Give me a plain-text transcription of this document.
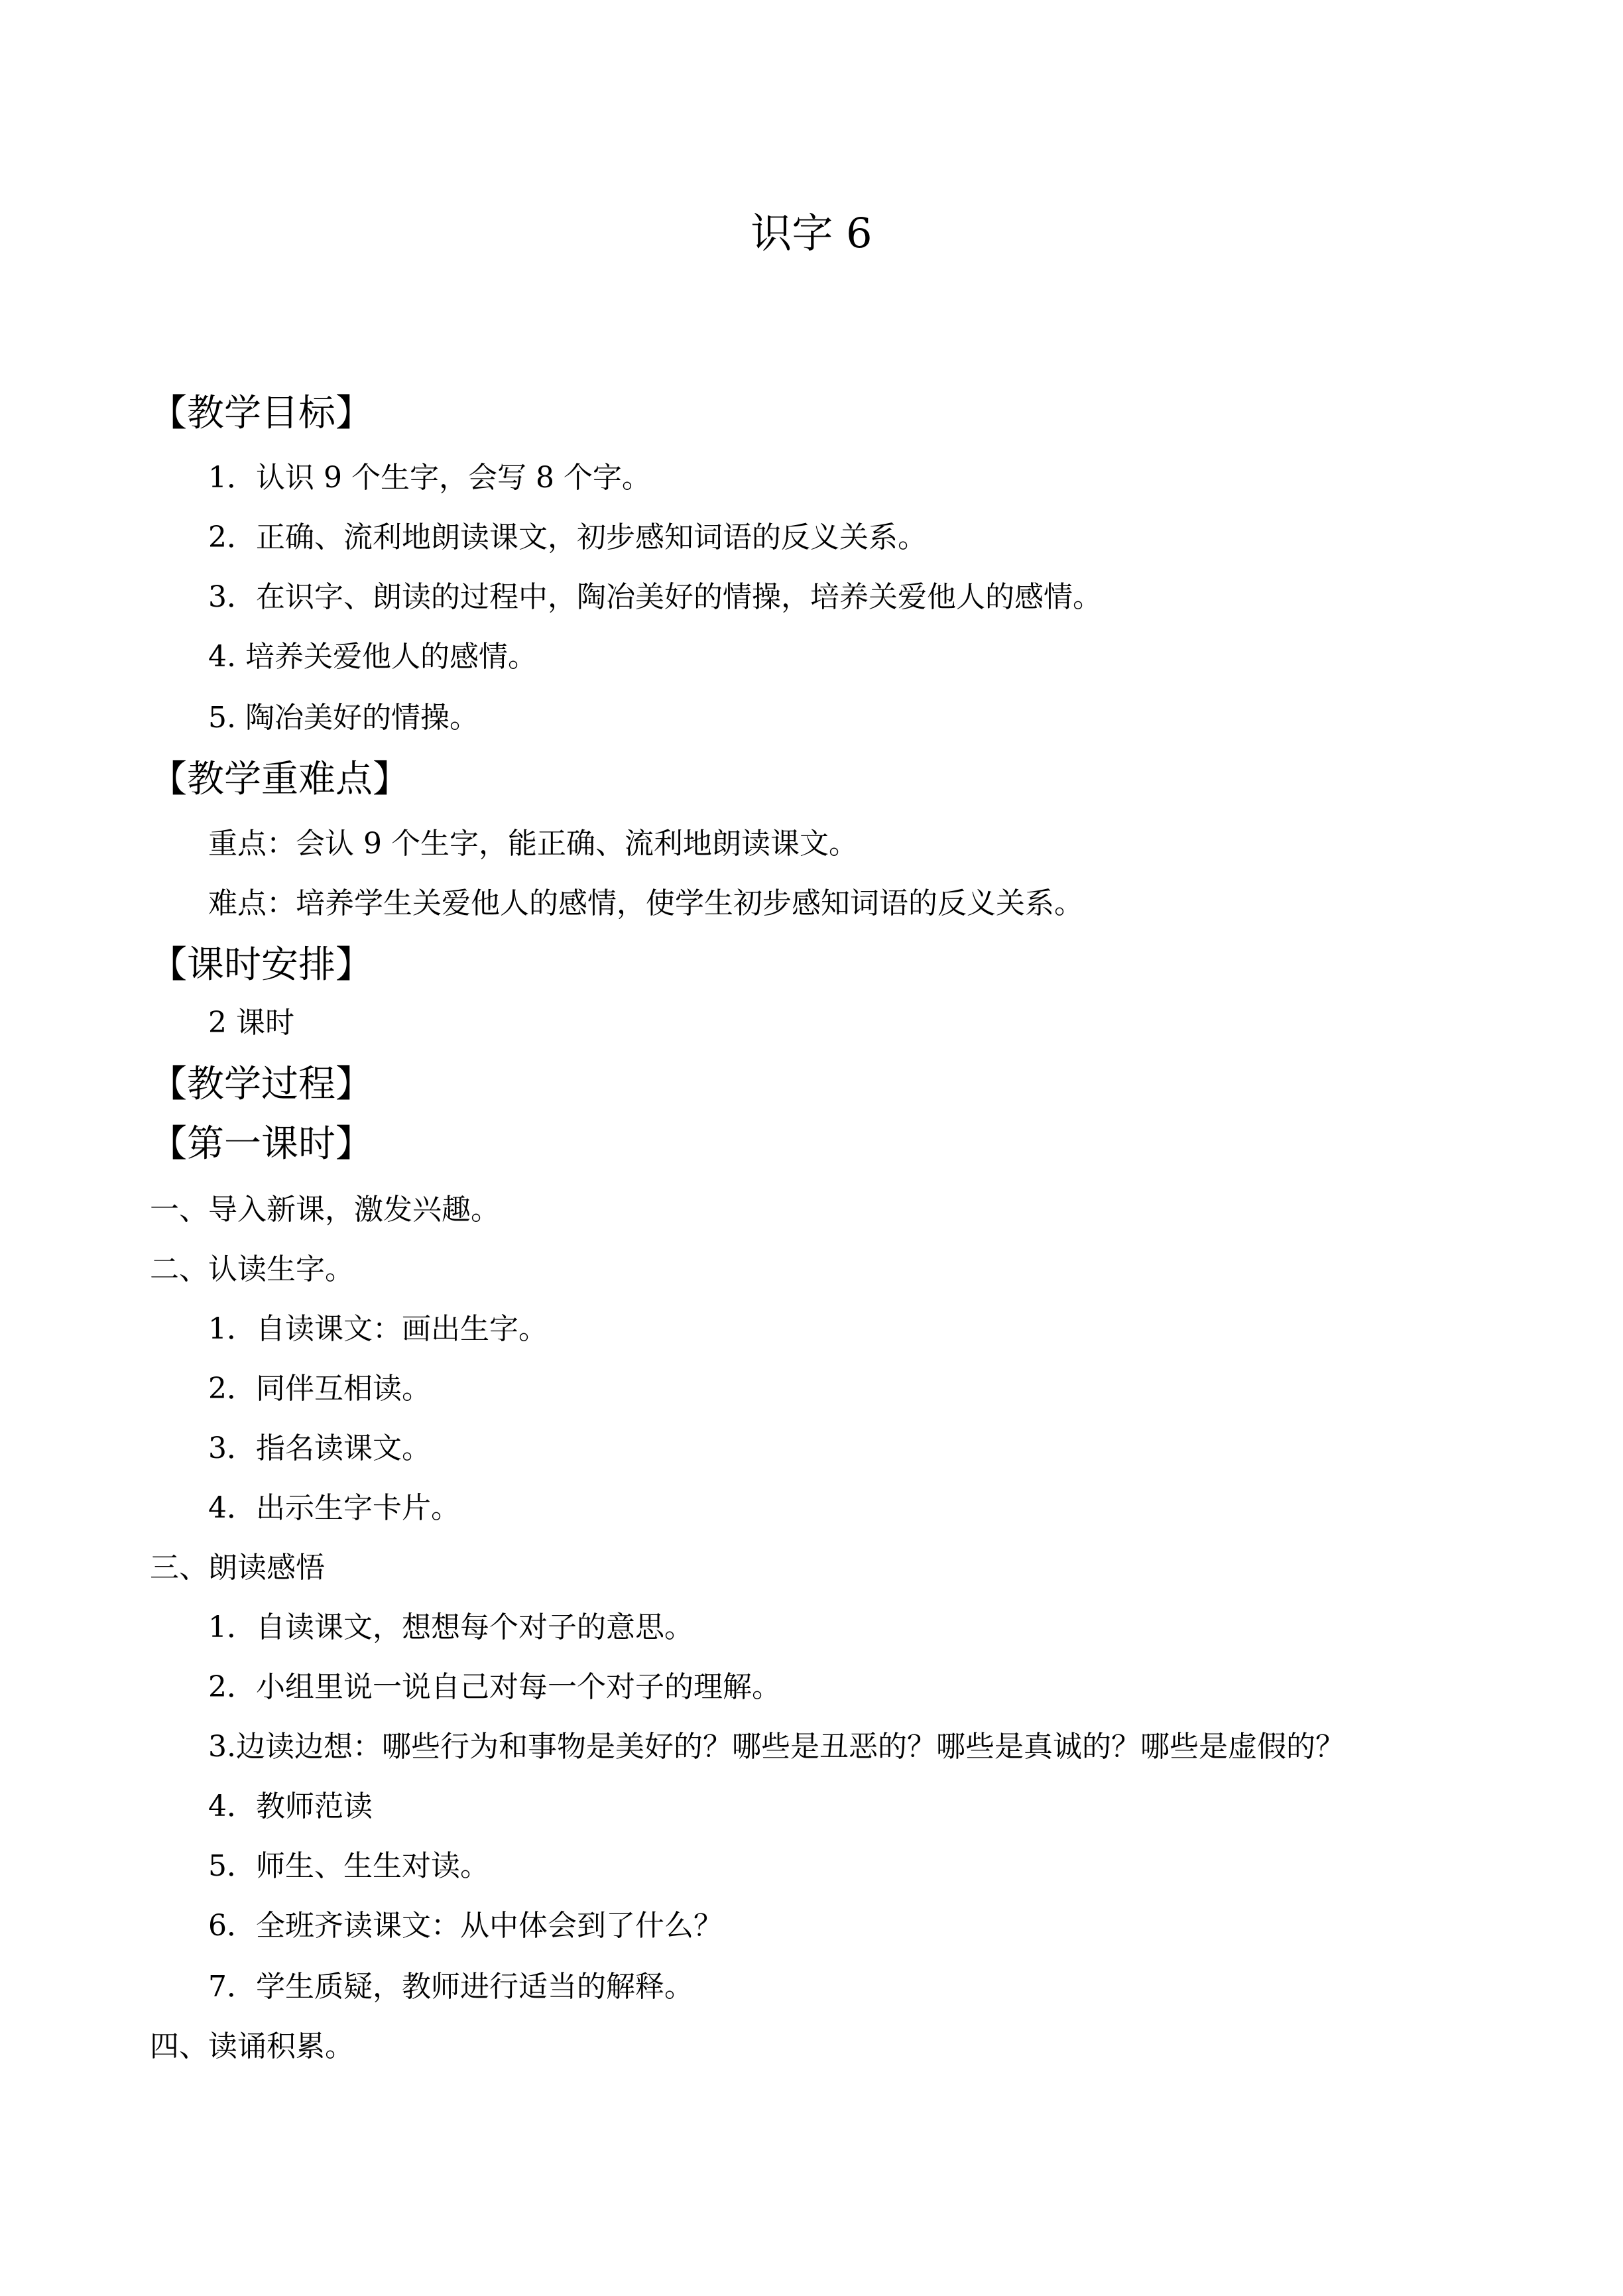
识字 6
【教学目标】
1．认识 9 个生字，会写 8 个字。
2．正确、流利地朗读课文，初步感知词语的反义关系。
3．在识字、朗读的过程中，陶冶美好的情操，培养关爱他人的感情。
4. 培养关爱他人的感情。
5. 陶冶美好的情操。
【教学重难点】
重点：会认 9 个生字，能正确、流利地朗读课文。
难点：培养学生关爱他人的感情，使学生初步感知词语的反义关系。
【课时安排】
2 课时
【教学过程】
【第一课时】
一、导入新课，激发兴趣。
二、认读生字。
1．自读课文：画出生字。
2．同伴互相读。
3．指名读课文。
4．出示生字卡片。
三、朗读感悟
1．自读课文，想想每个对子的意思。
2．小组里说一说自己对每一个对子的理解。
3.边读边想：哪些行为和事物是美好的？哪些是丑恶的？哪些是真诚的？哪些是虚假的？
4．教师范读
5．师生、生生对读。
6．全班齐读课文：从中体会到了什么？
7．学生质疑，教师进行适当的解释。
四、读诵积累。
